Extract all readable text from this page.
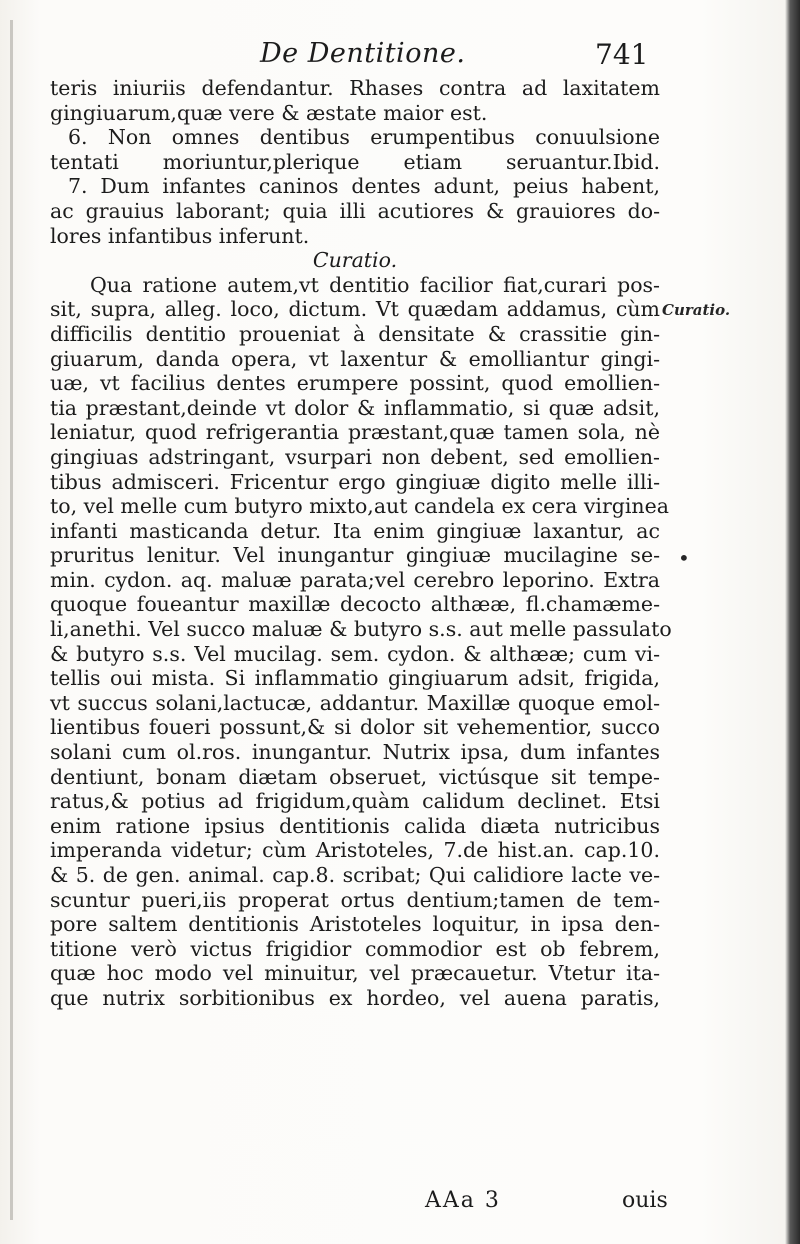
De Dentitione.	741
Curatio.
•
teris iniuriis defendantur. Rhases contra ad laxitatem
gingiuarum,quæ vere & æstate maior est.
6. Non omnes dentibus erumpentibus conuulsione
tentati moriuntur,plerique etiam seruantur.Ibid.
7. Dum infantes caninos dentes adunt, peius habent,
ac grauius laborant; quia illi acutiores & grauiores do-
lores infantibus inferunt.
Curatio.
Qua ratione autem,vt dentitio facilior fiat,curari pos-
sit, supra, alleg. loco, dictum. Vt quædam addamus, cùm
difficilis dentitio proueniat à densitate & crassitie gin-
giuarum, danda opera, vt laxentur & emolliantur gingi-
uæ, vt facilius dentes erumpere possint, quod emollien-
tia præstant,deinde vt dolor & inflammatio, si quæ adsit,
leniatur, quod refrigerantia præstant,quæ tamen sola, nè
gingiuas adstringant, vsurpari non debent, sed emollien-
tibus admisceri. Fricentur ergo gingiuæ digito melle illi-
to, vel melle cum butyro mixto,aut candela ex cera virginea
infanti masticanda detur. Ita enim gingiuæ laxantur, ac
pruritus lenitur. Vel inungantur gingiuæ mucilagine se-
min. cydon. aq. maluæ parata;vel cerebro leporino. Extra
quoque foueantur maxillæ decocto althææ, fl.chamæme-
li,anethi. Vel succo maluæ & butyro s.s. aut melle passulato
& butyro s.s. Vel mucilag. sem. cydon. & althææ; cum vi-
tellis oui mista. Si inflammatio gingiuarum adsit, frigida,
vt succus solani,lactucæ, addantur. Maxillæ quoque emol-
lientibus foueri possunt,& si dolor sit vehementior, succo
solani cum ol.ros. inungantur. Nutrix ipsa, dum infantes
dentiunt, bonam diætam obseruet, victúsque sit tempe-
ratus,& potius ad frigidum,quàm calidum declinet. Etsi
enim ratione ipsius dentitionis calida diæta nutricibus
imperanda videtur; cùm Aristoteles, 7.de hist.an. cap.10.
& 5. de gen. animal. cap.8. scribat; Qui calidiore lacte ve-
scuntur pueri,iis properat ortus dentium;tamen de tem-
pore saltem dentitionis Aristoteles loquitur, in ipsa den-
titione verò victus frigidior commodior est ob febrem,
quæ hoc modo vel minuitur, vel præcauetur. Vtetur ita-
que nutrix sorbitionibus ex hordeo, vel auena paratis,
AAa 3	ouis
